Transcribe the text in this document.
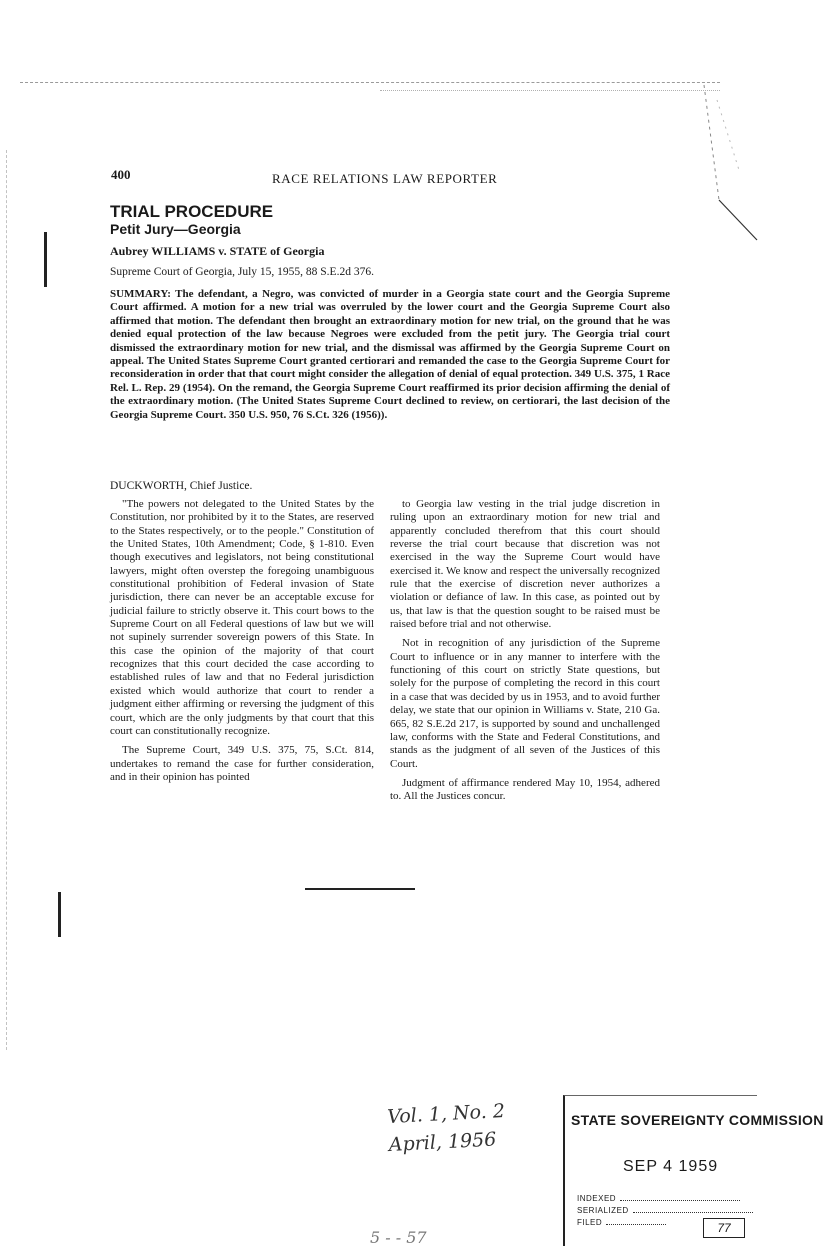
400	RACE RELATIONS LAW REPORTER
TRIAL PROCEDURE
Petit Jury—Georgia
Aubrey WILLIAMS v. STATE of Georgia
Supreme Court of Georgia, July 15, 1955, 88 S.E.2d 376.
SUMMARY: The defendant, a Negro, was convicted of murder in a Georgia state court and the Georgia Supreme Court affirmed. A motion for a new trial was overruled by the lower court and the Georgia Supreme Court also affirmed that motion. The defendant then brought an extraordinary motion for new trial, on the ground that he was denied equal protection of the law because Negroes were excluded from the petit jury. The Georgia trial court dismissed the extraordinary motion for new trial, and the dismissal was affirmed by the Georgia Supreme Court on appeal. The United States Supreme Court granted certiorari and remanded the case to the Georgia Supreme Court for reconsideration in order that that court might consider the allegation of denial of equal protection. 349 U.S. 375, 1 Race Rel. L. Rep. 29 (1954). On the remand, the Georgia Supreme Court reaffirmed its prior decision affirming the denial of the extraordinary motion. (The United States Supreme Court declined to review, on certiorari, the last decision of the Georgia Supreme Court. 350 U.S. 950, 76 S.Ct. 326 (1956)).
DUCKWORTH, Chief Justice.

"The powers not delegated to the United States by the Constitution, nor prohibited by it to the States, are reserved to the States respectively, or to the people." Constitution of the United States, 10th Amendment; Code, § 1-810. Even though executives and legislators, not being constitutional lawyers, might often overstep the foregoing unambiguous constitutional prohibition of Federal invasion of State jurisdiction, there can never be an acceptable excuse for judicial failure to strictly observe it. This court bows to the Supreme Court on all Federal questions of law but we will not supinely surrender sovereign powers of this State. In this case the opinion of the majority of that court recognizes that this court decided the case according to established rules of law and that no Federal jurisdiction existed which would authorize that court to render a judgment either affirming or reversing the judgment of this court, which are the only judgments by that court that this court can constitutionally recognize.

The Supreme Court, 349 U.S. 375, 75, S.Ct. 814, undertakes to remand the case for further consideration, and in their opinion has pointed

to Georgia law vesting in the trial judge discretion in ruling upon an extraordinary motion for new trial and apparently concluded therefrom that this court should reverse the trial court because that discretion was not exercised in the way the Supreme Court would have exercised it. We know and respect the universally recognized rule that the exercise of discretion never authorizes a violation or defiance of law. In this case, as pointed out by us, that law is that the question sought to be raised must be raised before trial and not otherwise.

Not in recognition of any jurisdiction of the Supreme Court to influence or in any manner to interfere with the functioning of this court on strictly State questions, but solely for the purpose of completing the record in this court in a case that was decided by us in 1953, and to avoid further delay, we state that our opinion in Williams v. State, 210 Ga. 665, 82 S.E.2d 217, is supported by sound and unchallenged law, conforms with the State and Federal Constitutions, and stands as the judgment of all seven of the Justices of this Court.

Judgment of affirmance rendered May 10, 1954, adhered to. All the Justices concur.

Vol. 1, No. 2
April, 1956
5 - - 57
STATE SOVEREIGNTY COMMISSION
SEP 4 1959
INDEXED
SERIALIZED
FILED	77
